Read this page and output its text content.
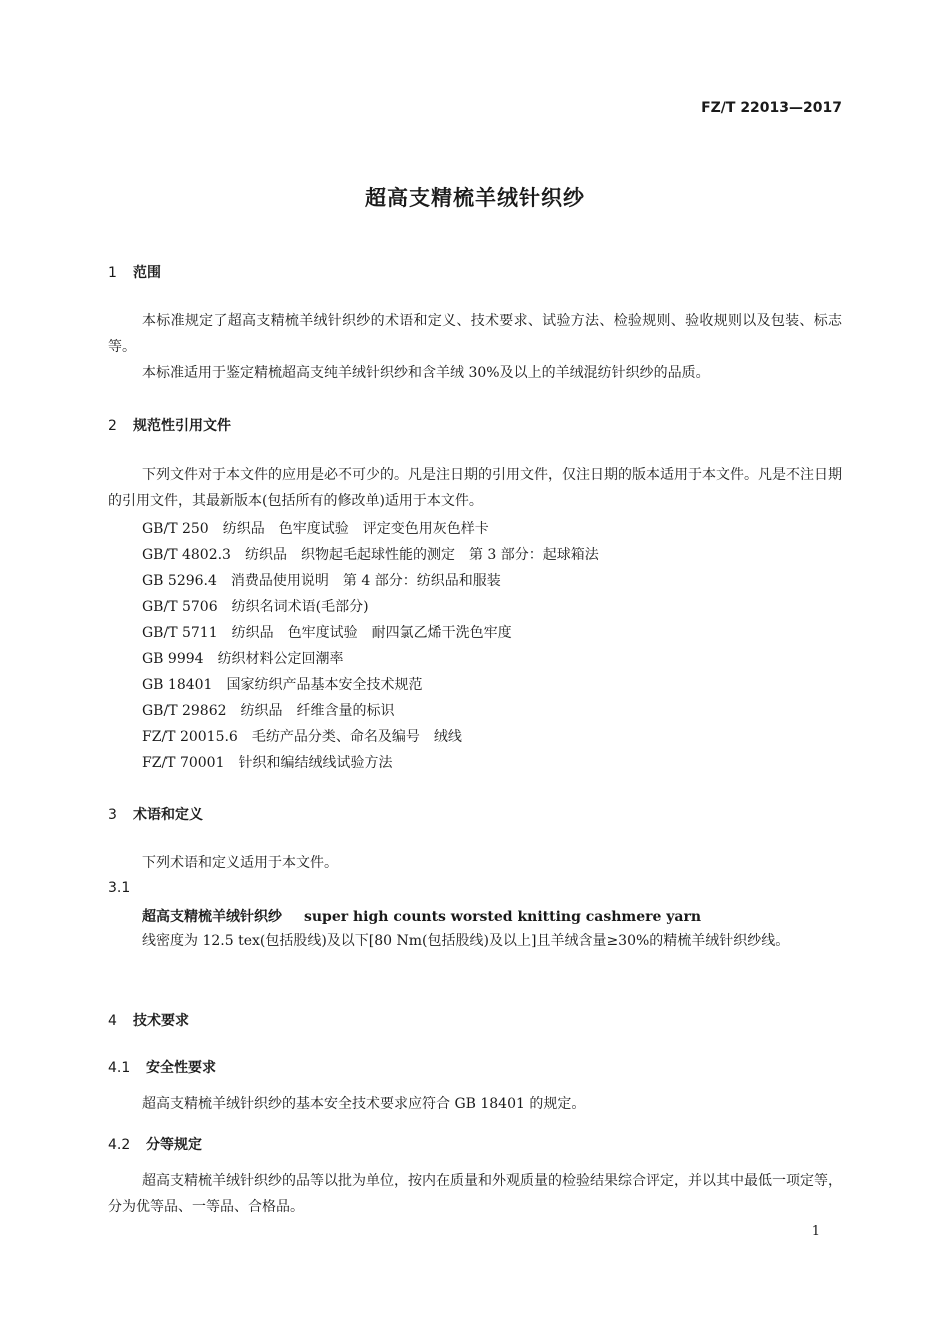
FZ/T 22013—2017
超高支精梳羊绒针织纱
1 范围
本标准规定了超高支精梳羊绒针织纱的术语和定义、技术要求、试验方法、检验规则、验收规则以及包装、标志等。
本标准适用于鉴定精梳超高支纯羊绒针织纱和含羊绒 30%及以上的羊绒混纺针织纱的品质。
2 规范性引用文件
下列文件对于本文件的应用是必不可少的。凡是注日期的引用文件，仅注日期的版本适用于本文件。凡是不注日期的引用文件，其最新版本(包括所有的修改单)适用于本文件。
GB/T 250　 纺织品　色牢度试验　评定变色用灰色样卡
GB/T 4802.3　 纺织品　织物起毛起球性能的测定　第 3 部分：起球箱法
GB 5296.4　 消费品使用说明　第 4 部分：纺织品和服装
GB/T 5706　 纺织名词术语(毛部分)
GB/T 5711　 纺织品　色牢度试验　耐四氯乙烯干洗色牢度
GB 9994　 纺织材料公定回潮率
GB 18401　 国家纺织产品基本安全技术规范
GB/T 29862　 纺织品　纤维含量的标识
FZ/T 20015.6　 毛纺产品分类、命名及编号　绒线
FZ/T 70001　 针织和编结绒线试验方法
3 术语和定义
下列术语和定义适用于本文件。
3.1
超高支精梳羊绒针织纱 super high counts worsted knitting cashmere yarn
线密度为 12.5 tex(包括股线)及以下[80 Nm(包括股线)及以上]且羊绒含量≥30%的精梳羊绒针织纱线。
4 技术要求
4.1 安全性要求
超高支精梳羊绒针织纱的基本安全技术要求应符合 GB 18401 的规定。
4.2 分等规定
超高支精梳羊绒针织纱的品等以批为单位，按内在质量和外观质量的检验结果综合评定，并以其中最低一项定等，分为优等品、一等品、合格品。
1
